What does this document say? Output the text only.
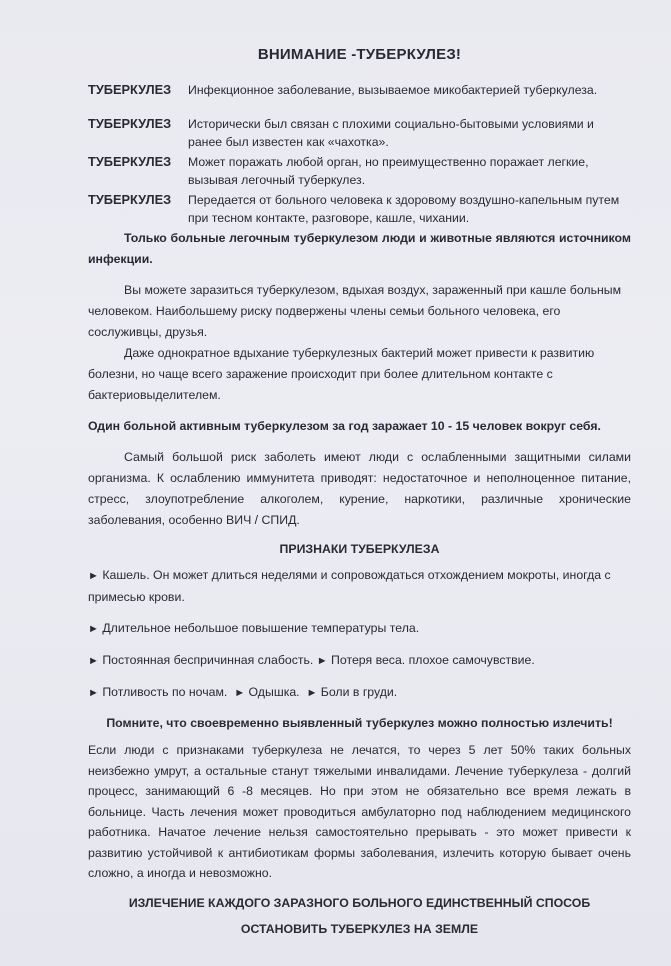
ВНИМАНИЕ -ТУБЕРКУЛЕЗ!
ТУБЕРКУЛЕЗ	Инфекционное заболевание, вызываемое микобактерией туберкулеза.
ТУБЕРКУЛЕЗ	Исторически был связан с плохими социально-бытовыми условиями и ранее был известен как «чахотка».
ТУБЕРКУЛЕЗ	Может поражать любой орган, но преимущественно поражает легкие, вызывая легочный туберкулез.
ТУБЕРКУЛЕЗ	Передается от больного человека к здоровому воздушно-капельным путем при тесном контакте, разговоре, кашле, чихании.

Только больные легочным туберкулезом люди и животные являются источником инфекции.

Вы можете заразиться туберкулезом, вдыхая воздух, зараженный при кашле больным человеком. Наибольшему риску подвержены члены семьи больного человека, его сослуживцы, друзья.

Даже однократное вдыхание туберкулезных бактерий может привести к развитию болезни, но чаще всего заражение происходит при более длительном контакте с бактериовыделителем.

Один больной активным туберкулезом за год заражает 10 - 15 человек вокруг себя.

Самый большой риск заболеть имеют люди с ослабленными защитными силами организма. К ослаблению иммунитета приводят: недостаточное и неполноценное питание, стресс, злоупотребление алкоголем, курение, наркотики, различные хронические заболевания, особенно ВИЧ / СПИД.

ПРИЗНАКИ ТУБЕРКУЛЕЗА

► Кашель. Он может длиться неделями и сопровождаться отхождением мокроты, иногда с примесью крови.

► Длительное небольшое повышение температуры тела.

► Постоянная беспричинная слабость. ► Потеря веса. плохое самочувствие.

► Потливость по ночам. ► Одышка. ► Боли в груди.

Помните, что своевременно выявленный туберкулез можно полностью излечить!

Если люди с признаками туберкулеза не лечатся, то через 5 лет 50% таких больных неизбежно умрут, а остальные станут тяжелыми инвалидами. Лечение туберкулеза - долгий процесс, занимающий 6 -8 месяцев. Но при этом не обязательно все время лежать в больнице. Часть лечения может проводиться амбулаторно под наблюдением медицинского работника. Начатое лечение нельзя самостоятельно прерывать - это может привести к развитию устойчивой к антибиотикам формы заболевания, излечить которую бывает очень сложно, а иногда и невозможно.

ИЗЛЕЧЕНИЕ КАЖДОГО ЗАРАЗНОГО БОЛЬНОГО ЕДИНСТВЕННЫЙ СПОСОБ

ОСТАНОВИТЬ ТУБЕРКУЛЕЗ НА ЗЕМЛЕ
